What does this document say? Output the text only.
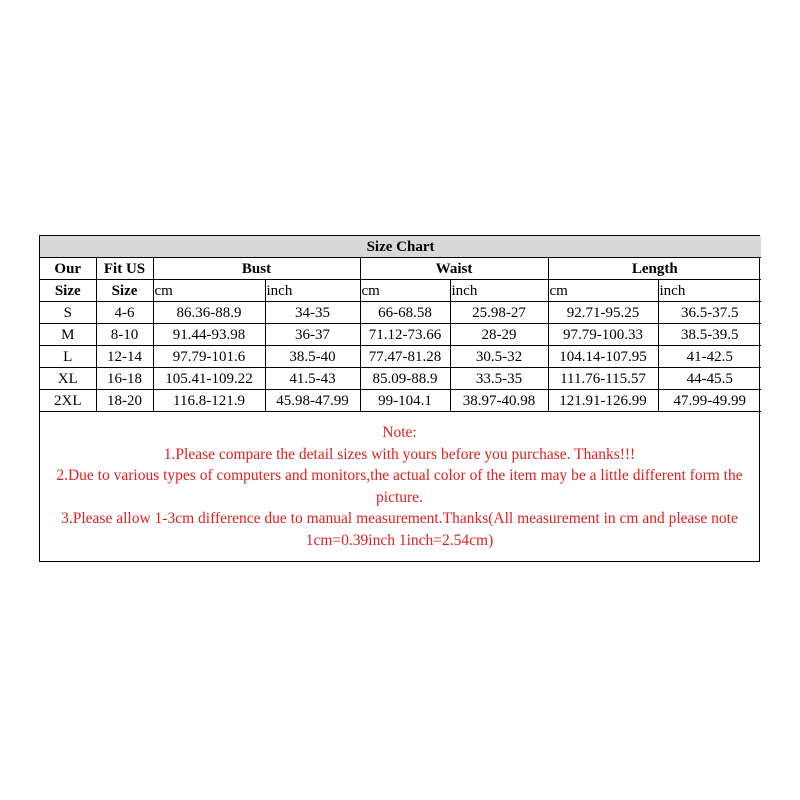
Size Chart							
Our	Fit US	Bust		Waist		Length	
Size	Size	cm	inch	cm	inch	cm	inch
S	4-6	86.36-88.9	34-35	66-68.58	25.98-27	92.71-95.25	36.5-37.5
M	8-10	91.44-93.98	36-37	71.12-73.66	28-29	97.79-100.33	38.5-39.5
L	12-14	97.79-101.6	38.5-40	77.47-81.28	30.5-32	104.14-107.95	41-42.5
XL	16-18	105.41-109.22	41.5-43	85.09-88.9	33.5-35	111.76-115.57	44-45.5
2XL	18-20	116.8-121.9	45.98-47.99	99-104.1	38.97-40.98	121.91-126.99	47.99-49.99
Note:
1.Please compare the detail sizes with yours before you purchase. Thanks!!!
2.Due to various types of computers and monitors,the actual color of the item may be a little different form the picture.
3.Please allow 1-3cm difference due to manual measurement.Thanks(All measurement in cm and please note 1cm=0.39inch 1inch=2.54cm)
